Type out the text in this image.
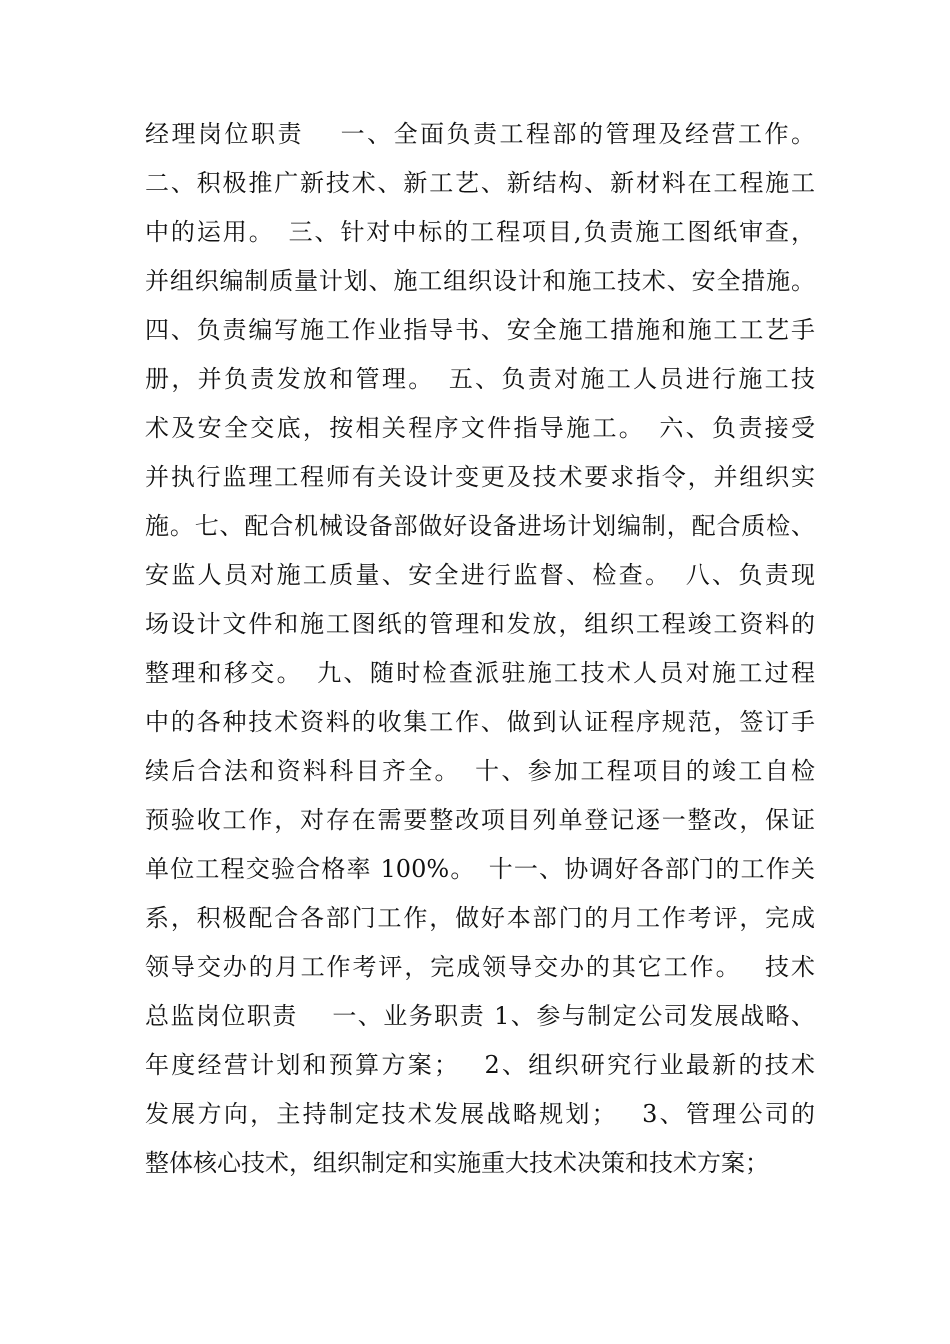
经理岗位职责　 一、全面负责工程部的管理及经营工作。
二、积极推广新技术、新工艺、新结构、新材料在工程施工
中的运用。　三、针对中标的工程项目,负责施工图纸审查，
并组织编制质量计划、施工组织设计和施工技术、安全措施。
四、负责编写施工作业指导书、安全施工措施和施工工艺手
册，并负责发放和管理。　五、负责对施工人员进行施工技
术及安全交底，按相关程序文件指导施工。　六、负责接受
并执行监理工程师有关设计变更及技术要求指令，并组织实
施。七、配合机械设备部做好设备进场计划编制，配合质检、
安监人员对施工质量、安全进行监督、检查。　八、负责现
场设计文件和施工图纸的管理和发放，组织工程竣工资料的
整理和移交。　九、随时检查派驻施工技术人员对施工过程
中的各种技术资料的收集工作、做到认证程序规范，签订手
续后合法和资料科目齐全。　十、参加工程项目的竣工自检
预验收工作，对存在需要整改项目列单登记逐一整改，保证
单位工程交验合格率 100%。　十一、协调好各部门的工作关
系，积极配合各部门工作，做好本部门的月工作考评，完成
领导交办的月工作考评，完成领导交办的其它工作。　 技术
总监岗位职责　 一、业务职责 1、参与制定公司发展战略、
年度经营计划和预算方案；　 2、组织研究行业最新的技术
发展方向，主持制定技术发展战略规划；　 3、管理公司的
整体核心技术，组织制定和实施重大技术决策和技术方案；
